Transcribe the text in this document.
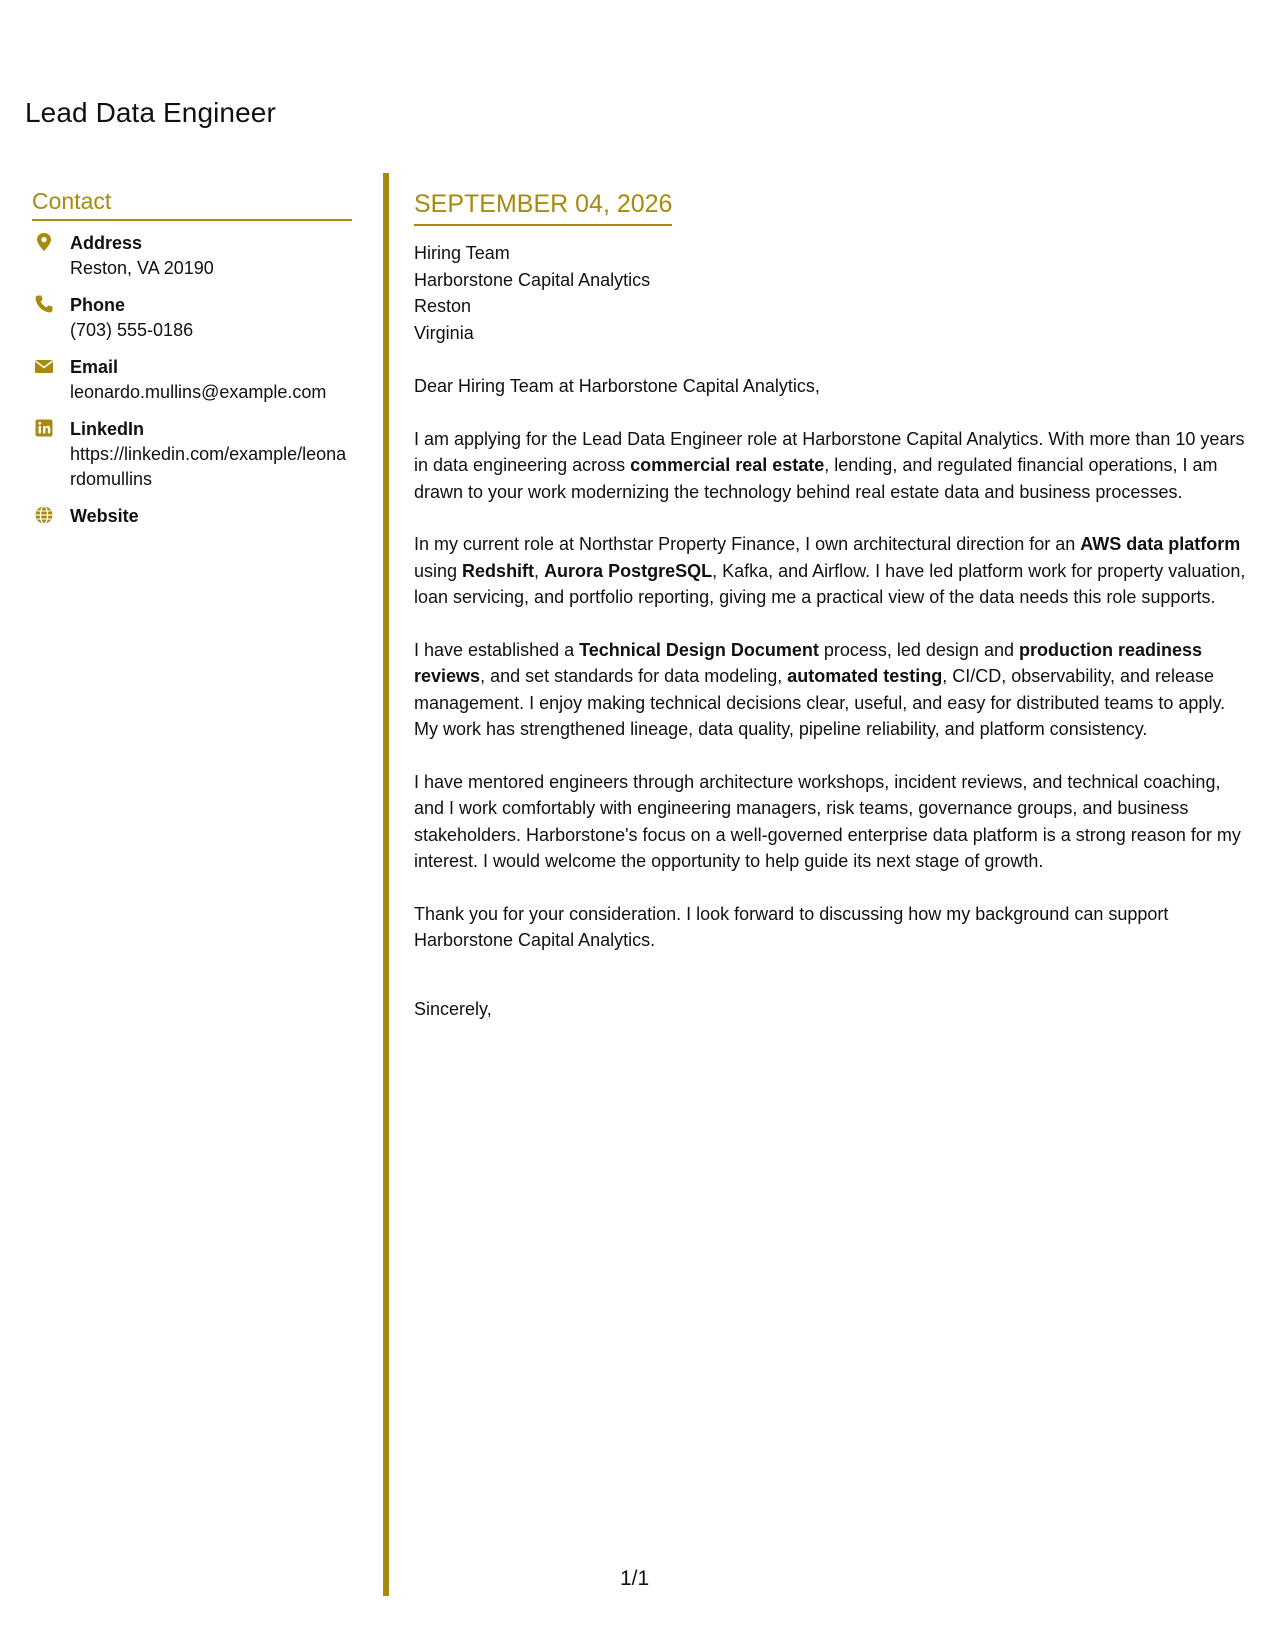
Lead Data Engineer
Contact
Address
Reston, VA 20190
Phone
(703) 555-0186
Email
leonardo.mullins@example.com
LinkedIn
https://linkedin.com/example/leonardomullins
Website
SEPTEMBER 04, 2026
Hiring Team
Harborstone Capital Analytics
Reston
Virginia

Dear Hiring Team at Harborstone Capital Analytics,

I am applying for the Lead Data Engineer role at Harborstone Capital Analytics. With more than 10 years in data engineering across commercial real estate, lending, and regulated financial operations, I am drawn to your work modernizing the technology behind real estate data and business processes.

In my current role at Northstar Property Finance, I own architectural direction for an AWS data platform using Redshift, Aurora PostgreSQL, Kafka, and Airflow. I have led platform work for property valuation, loan servicing, and portfolio reporting, giving me a practical view of the data needs this role supports.

I have established a Technical Design Document process, led design and production readiness reviews, and set standards for data modeling, automated testing, CI/CD, observability, and release management. I enjoy making technical decisions clear, useful, and easy for distributed teams to apply. My work has strengthened lineage, data quality, pipeline reliability, and platform consistency.

I have mentored engineers through architecture workshops, incident reviews, and technical coaching, and I work comfortably with engineering managers, risk teams, governance groups, and business stakeholders. Harborstone's focus on a well-governed enterprise data platform is a strong reason for my interest. I would welcome the opportunity to help guide its next stage of growth.

Thank you for your consideration. I look forward to discussing how my background can support Harborstone Capital Analytics.

Sincerely,
1/1
